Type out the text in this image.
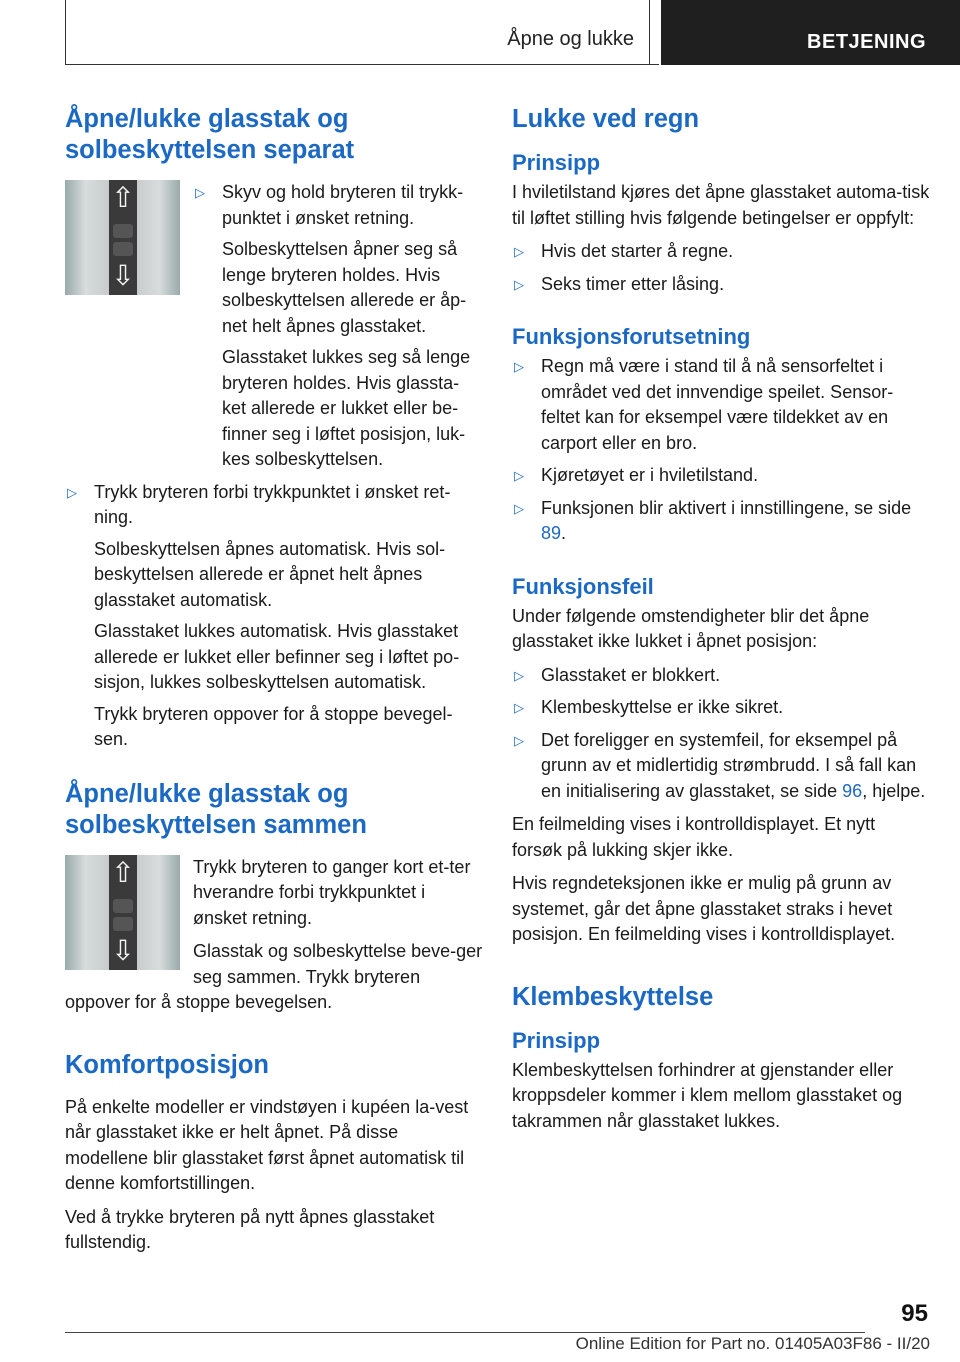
Åpne og lukke	BETJENING
Åpne/lukke glasstak og solbeskyttelsen separat
⇧
⇩
▷ Skyv og hold bryteren til trykk-punktet i ønsket retning.

Solbeskyttelsen åpner seg så lenge bryteren holdes. Hvis solbeskyttelsen allerede er åp-net helt åpnes glasstaket.

Glasstaket lukkes seg så lenge bryteren holdes. Hvis glassta-ket allerede er lukket eller be-finner seg i løftet posisjon, luk-kes solbeskyttelsen.

▷ Trykk bryteren forbi trykkpunktet i ønsket ret-ning.

Solbeskyttelsen åpnes automatisk. Hvis sol-beskyttelsen allerede er åpnet helt åpnes glasstaket automatisk.

Glasstaket lukkes automatisk. Hvis glasstaket allerede er lukket eller befinner seg i løftet po-sisjon, lukkes solbeskyttelsen automatisk.

Trykk bryteren oppover for å stoppe bevegel-sen.

Åpne/lukke glasstak og solbeskyttelsen sammen
⇧
⇩

Trykk bryteren to ganger kort et-ter hverandre forbi trykkpunktet i ønsket retning.

Glasstak og solbeskyttelse beve-ger seg sammen. Trykk bryteren oppover for å stoppe bevegelsen.

Komfortposisjon

På enkelte modeller er vindstøyen i kupéen la-vest når glasstaket ikke er helt åpnet. På disse modellene blir glasstaket først åpnet automatisk til denne komfortstillingen.

Ved å trykke bryteren på nytt åpnes glasstaket fullstendig.

Lukke ved regn
Prinsipp

I hviletilstand kjøres det åpne glasstaket automa-tisk til løftet stilling hvis følgende betingelser er oppfylt:

▷ Hvis det starter å regne.
▷ Seks timer etter låsing.
Funksjonsforutsetning
▷ Regn må være i stand til å nå sensorfeltet i området ved det innvendige speilet. Sensor-feltet kan for eksempel være tildekket av en carport eller en bro.
▷ Kjøretøyet er i hviletilstand.
▷ Funksjonen blir aktivert i innstillingene, se side 89.
Funksjonsfeil

Under følgende omstendigheter blir det åpne glasstaket ikke lukket i åpnet posisjon:

▷ Glasstaket er blokkert.
▷ Klembeskyttelse er ikke sikret.
▷ Det foreligger en systemfeil, for eksempel på grunn av et midlertidig strømbrudd. I så fall kan en initialisering av glasstaket, se side 96, hjelpe.

En feilmelding vises i kontrolldisplayet. Et nytt forsøk på lukking skjer ikke.

Hvis regndeteksjonen ikke er mulig på grunn av systemet, går det åpne glasstaket straks i hevet posisjon. En feilmelding vises i kontrolldisplayet.

Klembeskyttelse
Prinsipp

Klembeskyttelsen forhindrer at gjenstander eller kroppsdeler kommer i klem mellom glasstaket og takrammen når glasstaket lukkes.

95
Online Edition for Part no. 01405A03F86 - II/20
